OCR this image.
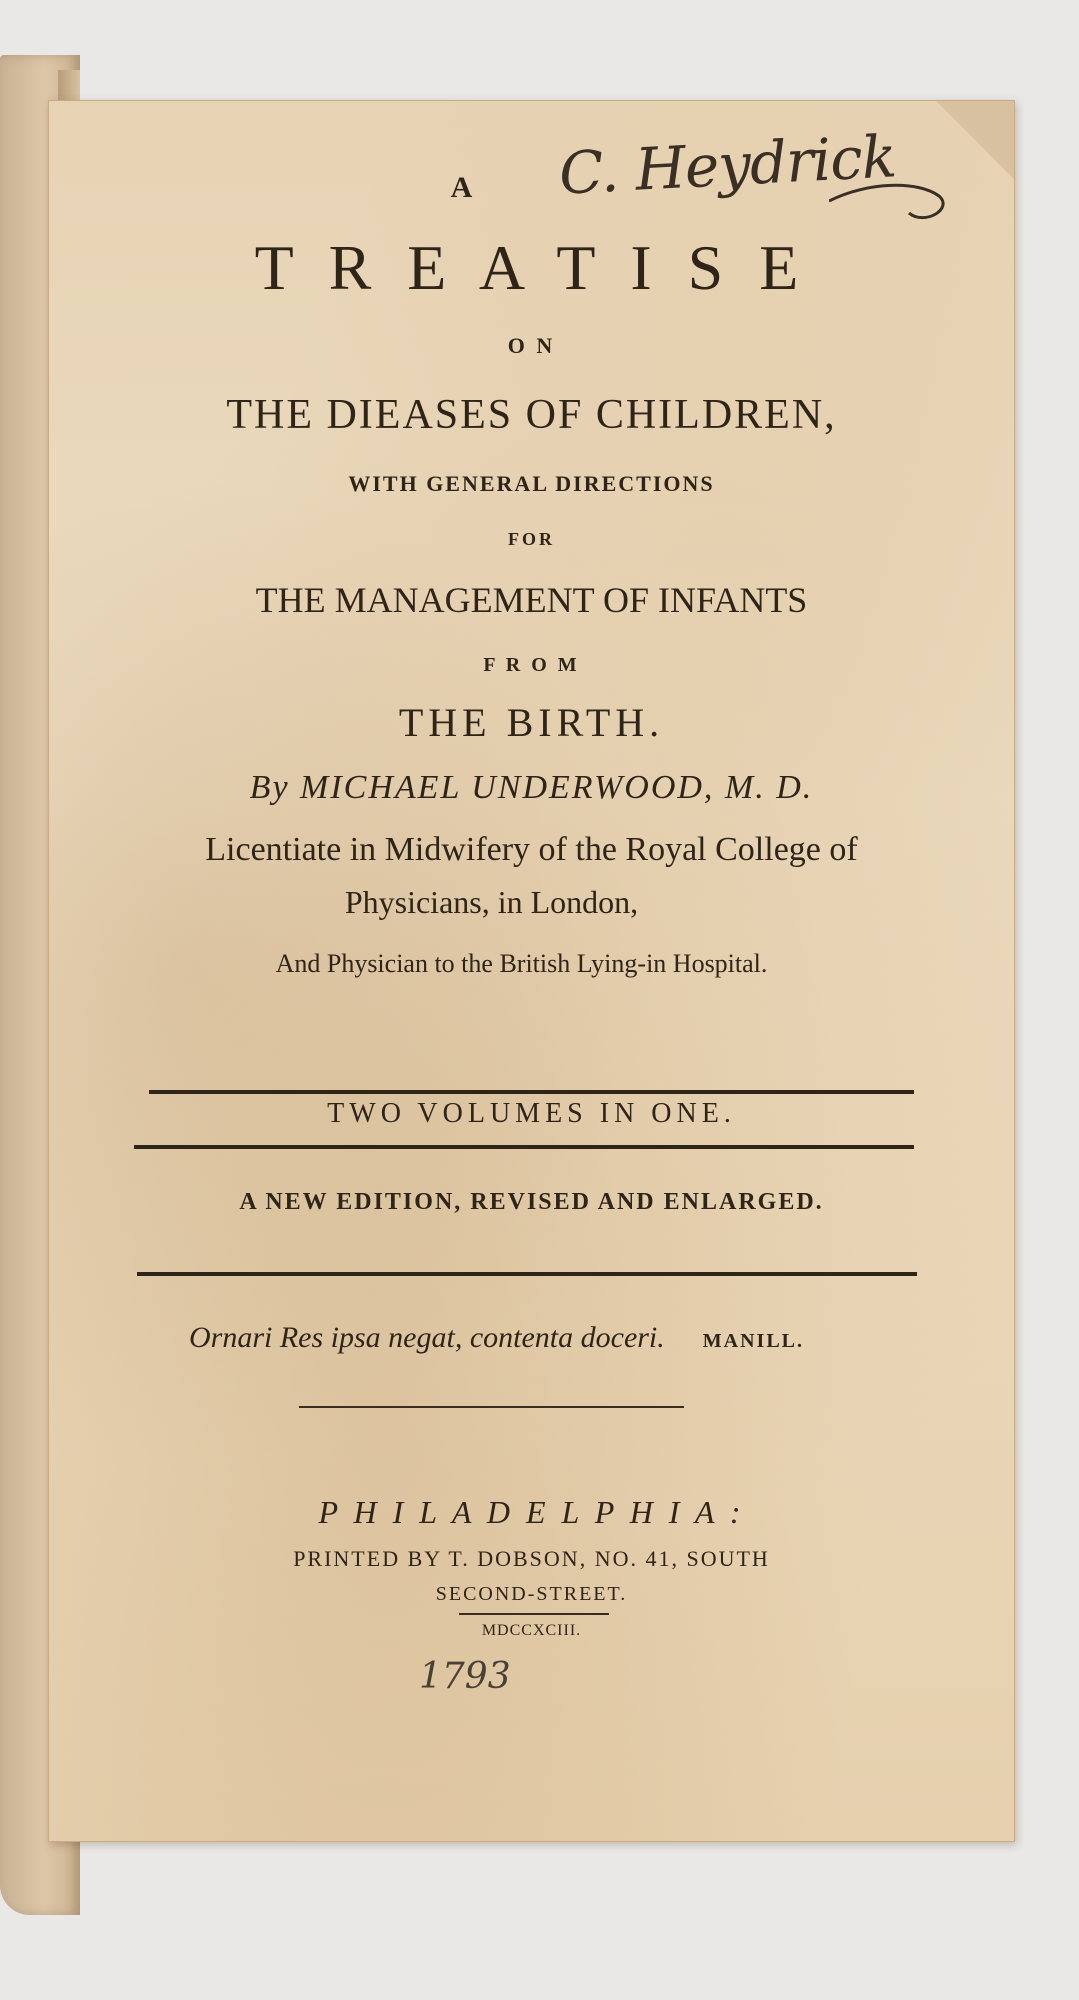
C. Heydrick
A
T R E A T I S E
O N
THE DIEASES OF CHILDREN,
WITH GENERAL DIRECTIONS
FOR
THE MANAGEMENT OF INFANTS
F R O M
THE BIRTH.
By MICHAEL UNDERWOOD, M. D.
Licentiate in Midwifery of the Royal College of
Physicians, in London,
And Physician to the British Lying-in Hospital.
TWO VOLUMES IN ONE.
A NEW EDITION, REVISED AND ENLARGED.
Ornari Res ipsa negat, contenta doceri. MANILL.
P H I L A D E L P H I A :
PRINTED BY T. DOBSON, NO. 41, SOUTH
SECOND-STREET.
MDCCXCIII.
1793
